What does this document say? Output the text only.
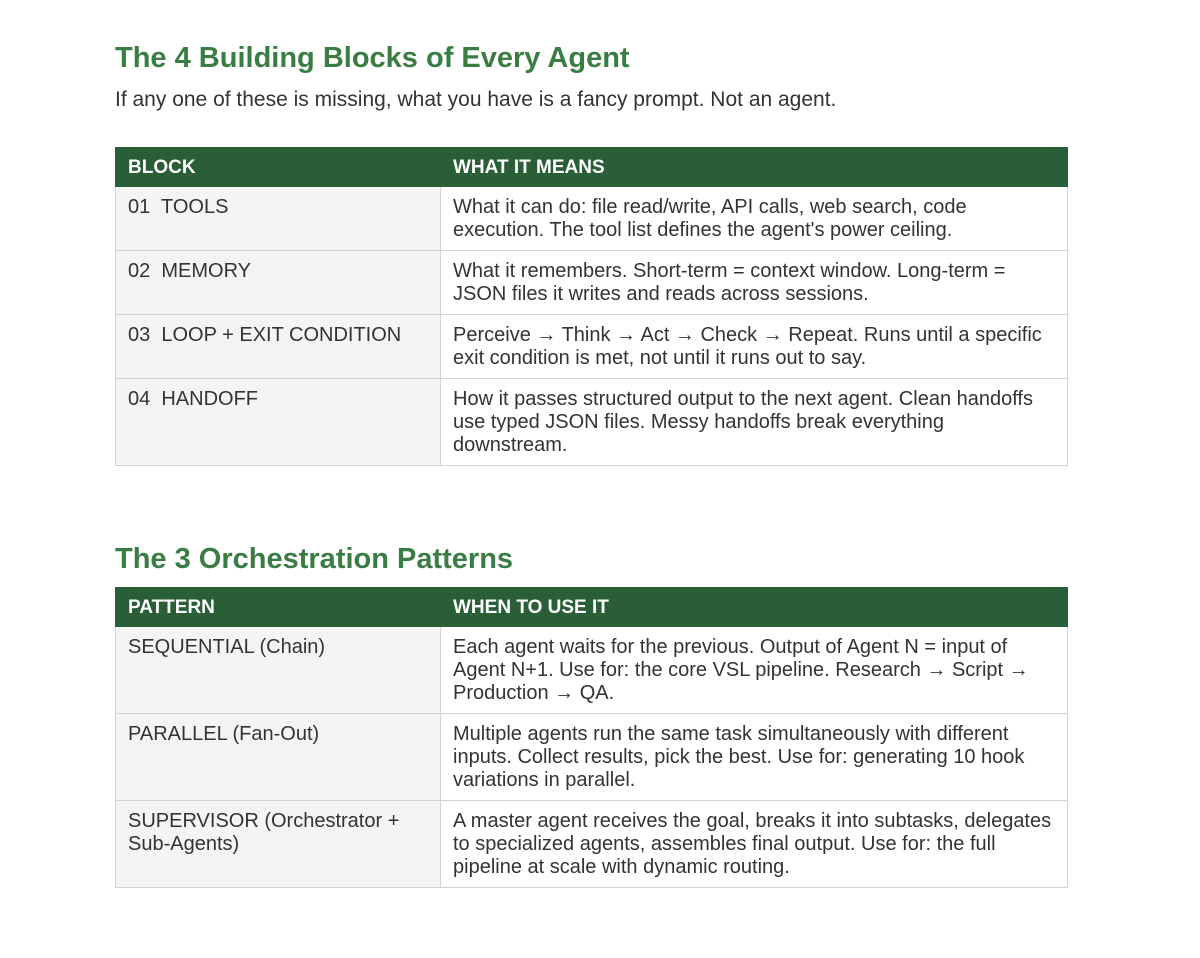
The 4 Building Blocks of Every Agent

If any one of these is missing, what you have is a fancy prompt. Not an agent.

BLOCK	WHAT IT MEANS
01  TOOLS	What it can do: file read/write, API calls, web search, code execution. The tool list defines the agent's power ceiling.
02  MEMORY	What it remembers. Short-term = context window. Long-term = JSON files it writes and reads across sessions.
03  LOOP + EXIT CONDITION	Perceive → Think → Act → Check → Repeat. Runs until a specific exit condition is met, not until it runs out to say.
04  HANDOFF	How it passes structured output to the next agent. Clean handoffs use typed JSON files. Messy handoffs break everything downstream.
The 3 Orchestration Patterns
PATTERN	WHEN TO USE IT
SEQUENTIAL (Chain)	Each agent waits for the previous. Output of Agent N = input of Agent N+1. Use for: the core VSL pipeline. Research → Script → Production → QA.
PARALLEL (Fan-Out)	Multiple agents run the same task simultaneously with different inputs. Collect results, pick the best. Use for: generating 10 hook variations in parallel.
SUPERVISOR (Orchestrator + Sub-Agents)	A master agent receives the goal, breaks it into subtasks, delegates to specialized agents, assembles final output. Use for: the full pipeline at scale with dynamic routing.
